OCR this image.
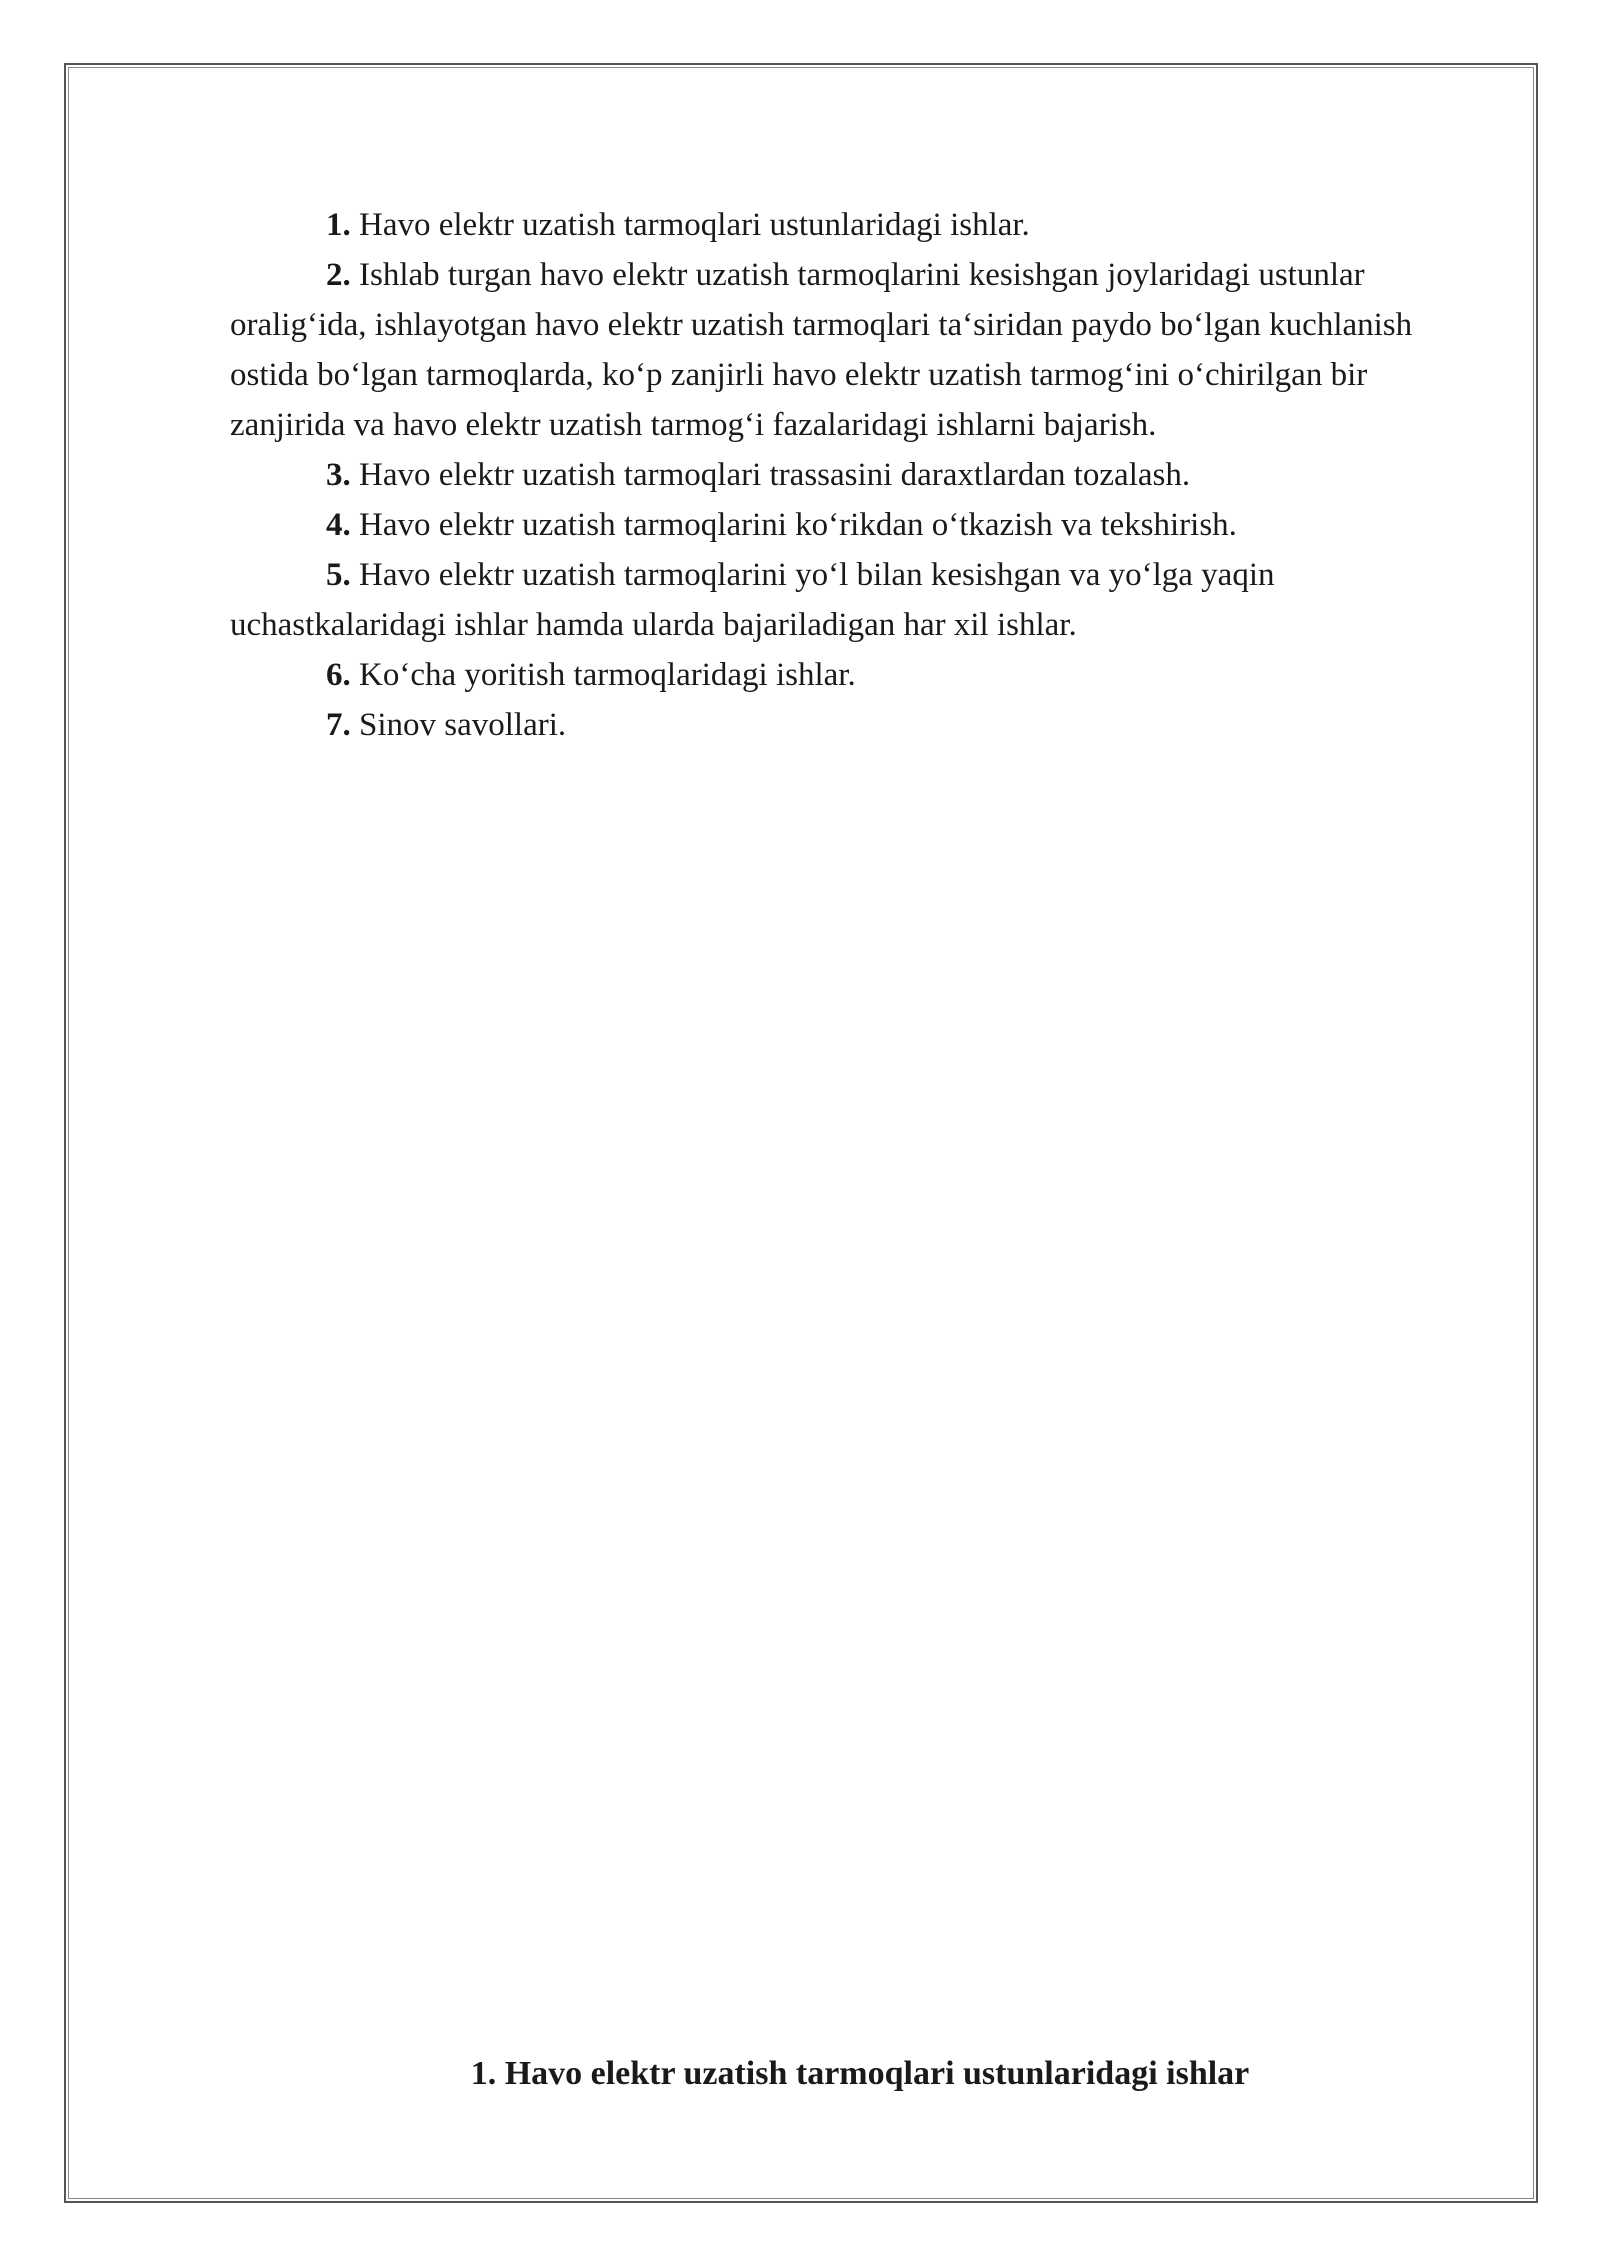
1. Havo elektr uzatish tarmoqlari ustunlaridagi ishlar.

2. Ishlab turgan havo elektr uzatish tarmoqlarini kesishgan joylaridagi ustunlar oralig‘ida, ishlayotgan havo elektr uzatish tarmoqlari ta‘siridan paydo bo‘lgan kuchlanish ostida bo‘lgan tarmoqlarda, ko‘p zanjirli havo elektr uzatish tarmog‘ini o‘chirilgan bir zanjirida va havo elektr uzatish tarmog‘i fazalaridagi ishlarni bajarish.

3. Havo elektr uzatish tarmoqlari trassasini daraxtlardan tozalash.

4. Havo elektr uzatish tarmoqlarini ko‘rikdan o‘tkazish va tekshirish.

5. Havo elektr uzatish tarmoqlarini yo‘l bilan kesishgan va yo‘lga yaqin uchastkalaridagi ishlar hamda ularda bajariladigan har xil ishlar.

6. Ko‘cha yoritish tarmoqlaridagi ishlar.

7. Sinov savollari.

1. Havo elektr uzatish tarmoqlari ustunlaridagi ishlar
